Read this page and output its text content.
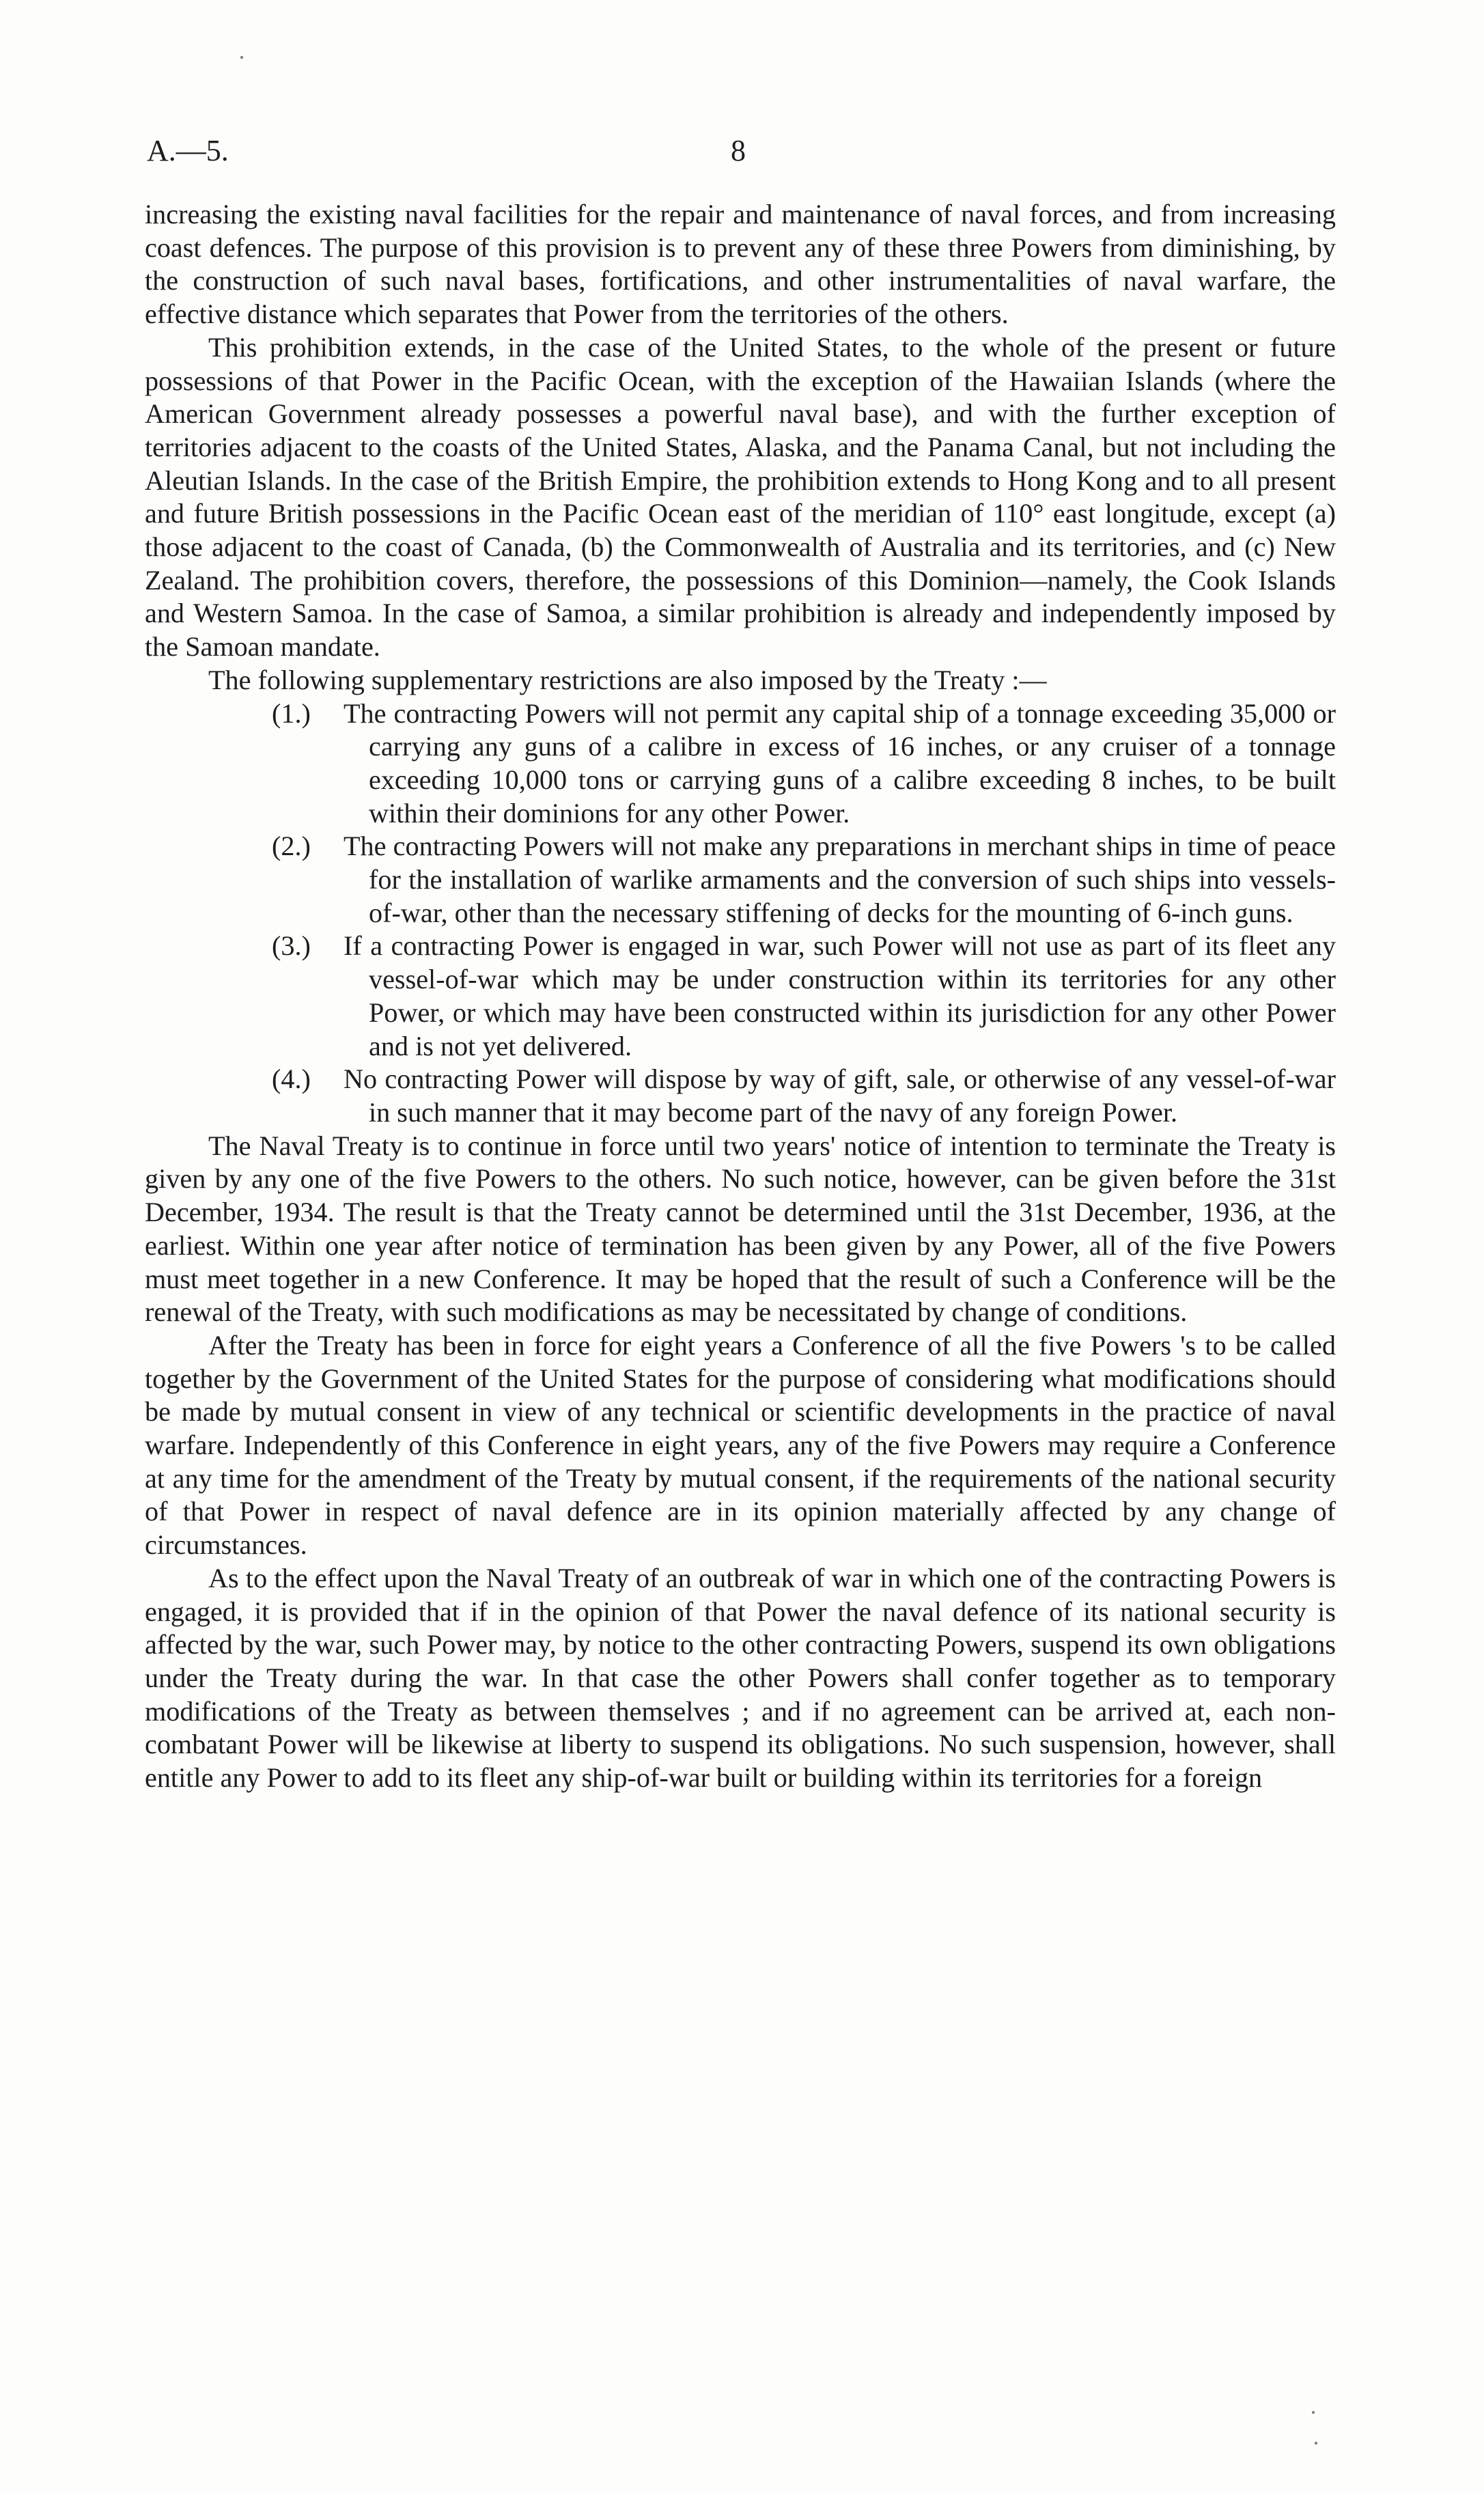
A.—5.	8

increasing the existing naval facilities for the repair and maintenance of naval forces, and from increasing coast defences. The purpose of this provision is to prevent any of these three Powers from diminishing, by the construction of such naval bases, fortifications, and other instrumentalities of naval warfare, the effective distance which separates that Power from the territories of the others.

This prohibition extends, in the case of the United States, to the whole of the present or future possessions of that Power in the Pacific Ocean, with the exception of the Hawaiian Islands (where the American Government already possesses a powerful naval base), and with the further exception of territories adjacent to the coasts of the United States, Alaska, and the Panama Canal, but not including the Aleutian Islands. In the case of the British Empire, the prohibition extends to Hong Kong and to all present and future British possessions in the Pacific Ocean east of the meridian of 110° east longitude, except (a) those adjacent to the coast of Canada, (b) the Commonwealth of Australia and its territories, and (c) New Zealand. The prohibition covers, therefore, the possessions of this Dominion—namely, the Cook Islands and Western Samoa. In the case of Samoa, a similar prohibition is already and independently imposed by the Samoan mandate.

The following supplementary restrictions are also imposed by the Treaty :—

(1.)	The contracting Powers will not permit any capital ship of a tonnage exceeding 35,000 or carrying any guns of a calibre in excess of 16 inches, or any cruiser of a tonnage exceeding 10,000 tons or carrying guns of a calibre exceeding 8 inches, to be built within their dominions for any other Power.
(2.)	The contracting Powers will not make any preparations in merchant ships in time of peace for the installation of warlike armaments and the conversion of such ships into vessels-of-war, other than the necessary stiffening of decks for the mounting of 6-inch guns.
(3.)	If a contracting Power is engaged in war, such Power will not use as part of its fleet any vessel-of-war which may be under construction within its territories for any other Power, or which may have been constructed within its jurisdiction for any other Power and is not yet delivered.
(4.)	No contracting Power will dispose by way of gift, sale, or otherwise of any vessel-of-war in such manner that it may become part of the navy of any foreign Power.

The Naval Treaty is to continue in force until two years' notice of intention to terminate the Treaty is given by any one of the five Powers to the others. No such notice, however, can be given before the 31st December, 1934. The result is that the Treaty cannot be determined until the 31st December, 1936, at the earliest. Within one year after notice of termination has been given by any Power, all of the five Powers must meet together in a new Conference. It may be hoped that the result of such a Conference will be the renewal of the Treaty, with such modifications as may be necessitated by change of conditions.

After the Treaty has been in force for eight years a Conference of all the five Powers 's to be called together by the Government of the United States for the purpose of considering what modifications should be made by mutual consent in view of any technical or scientific developments in the practice of naval warfare. Independently of this Conference in eight years, any of the five Powers may require a Conference at any time for the amendment of the Treaty by mutual consent, if the requirements of the national security of that Power in respect of naval defence are in its opinion materially affected by any change of circumstances.

As to the effect upon the Naval Treaty of an outbreak of war in which one of the contracting Powers is engaged, it is provided that if in the opinion of that Power the naval defence of its national security is affected by the war, such Power may, by notice to the other contracting Powers, suspend its own obligations under the Treaty during the war. In that case the other Powers shall confer together as to temporary modifications of the Treaty as between themselves ; and if no agreement can be arrived at, each non-combatant Power will be likewise at liberty to suspend its obligations. No such suspension, however, shall entitle any Power to add to its fleet any ship-of-war built or building within its territories for a foreign
